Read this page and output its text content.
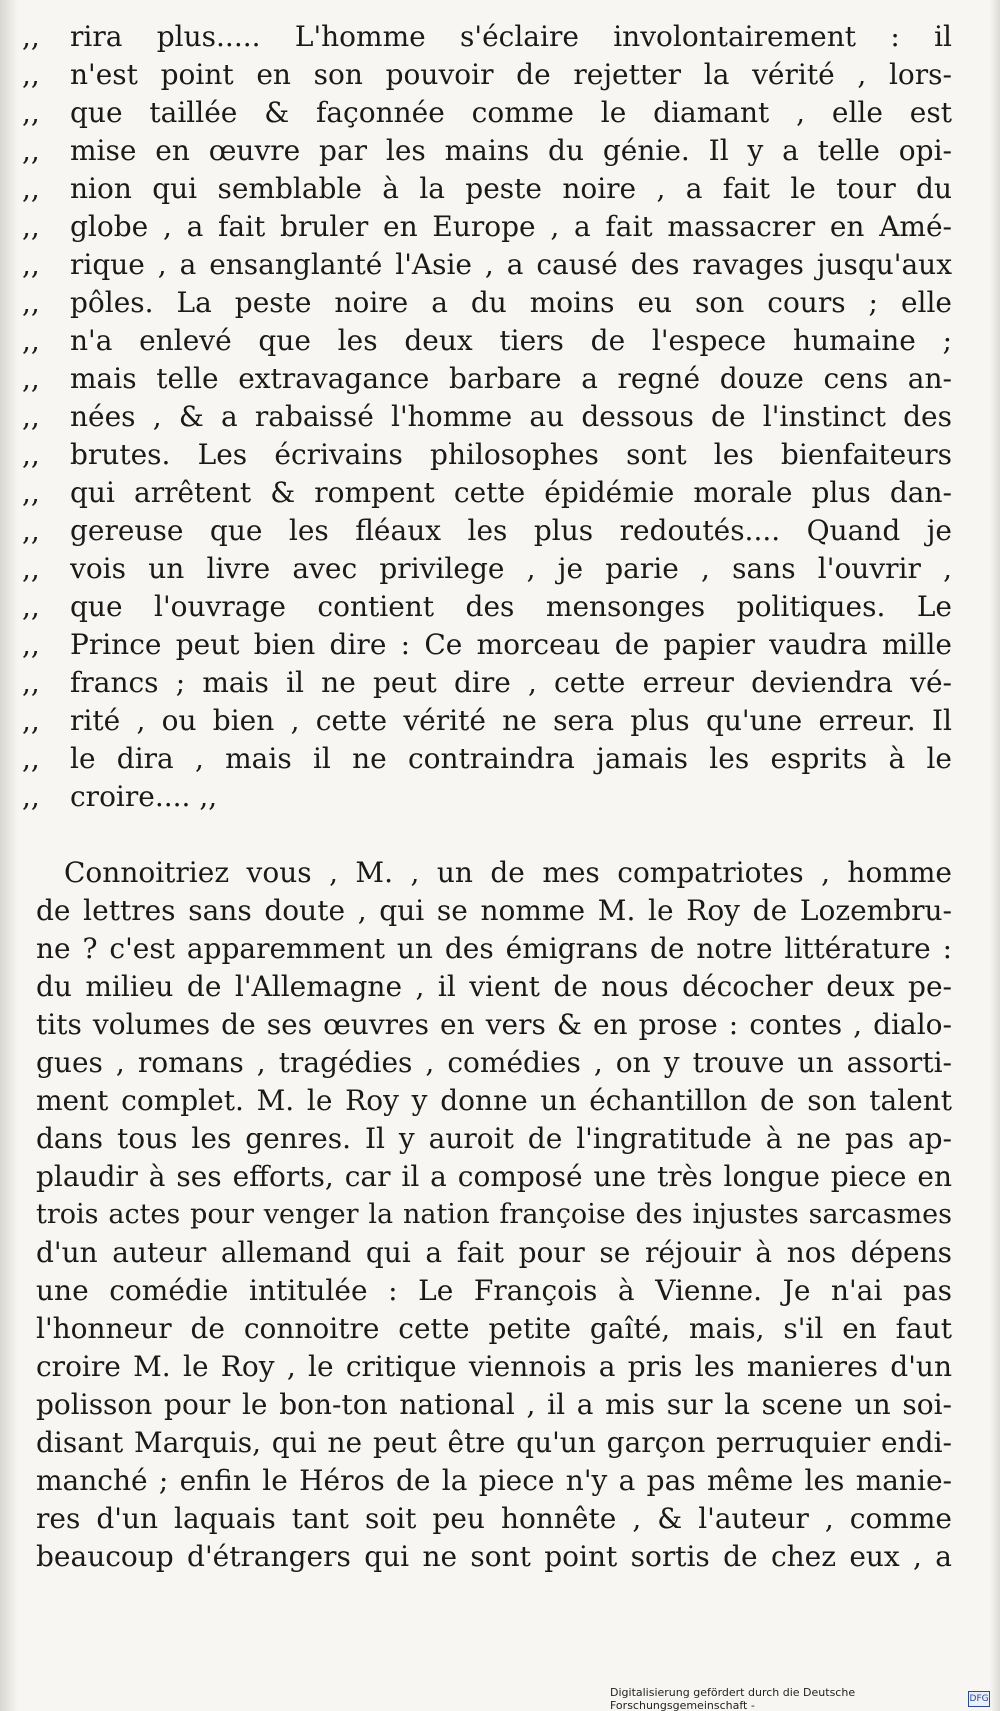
,,	rira plus..... L'homme s'éclaire involontairement : il
,,	n'est point en son pouvoir de rejetter la vérité , lors-
,,	que taillée & façonnée comme le diamant , elle est
,,	mise en œuvre par les mains du génie. Il y a telle opi-
,,	nion qui semblable à la peste noire , a fait le tour du
,,	globe , a fait bruler en Europe , a fait massacrer en Amé-
,,	rique , a ensanglanté l'Asie , a causé des ravages jusqu'aux
,,	pôles. La peste noire a du moins eu son cours ; elle
,,	n'a enlevé que les deux tiers de l'espece humaine ;
,,	mais telle extravagance barbare a regné douze cens an-
,,	nées , & a rabaissé l'homme au dessous de l'instinct des
,,	brutes. Les écrivains philosophes sont les bienfaiteurs
,,	qui arrêtent & rompent cette épidémie morale plus dan-
,,	gereuse que les fléaux les plus redoutés.... Quand je
,,	vois un livre avec privilege , je parie , sans l'ouvrir ,
,,	que l'ouvrage contient des mensonges politiques. Le
,,	Prince peut bien dire : Ce morceau de papier vaudra mille
,,	francs ; mais il ne peut dire , cette erreur deviendra vé-
,,	rité , ou bien , cette vérité ne sera plus qu'une erreur. Il
,,	le dira , mais il ne contraindra jamais les esprits à le
,,	croire.... ,,
Connoitriez vous , M. , un de mes compatriotes , homme
de lettres sans doute , qui se nomme M. le Roy de Lozembru-
ne ? c'est apparemment un des émigrans de notre littérature :
du milieu de l'Allemagne , il vient de nous décocher deux pe-
tits volumes de ses œuvres en vers & en prose : contes , dialo-
gues , romans , tragédies , comédies , on y trouve un assorti-
ment complet. M. le Roy y donne un échantillon de son talent
dans tous les genres. Il y auroit de l'ingratitude à ne pas ap-
plaudir à ses efforts, car il a composé une très longue piece en
trois actes pour venger la nation françoise des injustes sarcasmes
d'un auteur allemand qui a fait pour se réjouir à nos dépens
une comédie intitulée : Le François à Vienne. Je n'ai pas
l'honneur de connoitre cette petite gaîté, mais, s'il en faut
croire M. le Roy , le critique viennois a pris les manieres d'un
polisson pour le bon-ton national , il a mis sur la scene un soi-
disant Marquis, qui ne peut être qu'un garçon perruquier endi-
manché ; enfin le Héros de la piece n'y a pas même les manie-
res d'un laquais tant soit peu honnête , & l'auteur , comme
beaucoup d'étrangers qui ne sont point sortis de chez eux , a
Digitalisierung gefördert durch die Deutsche Forschungsgemeinschaft -	DFG
